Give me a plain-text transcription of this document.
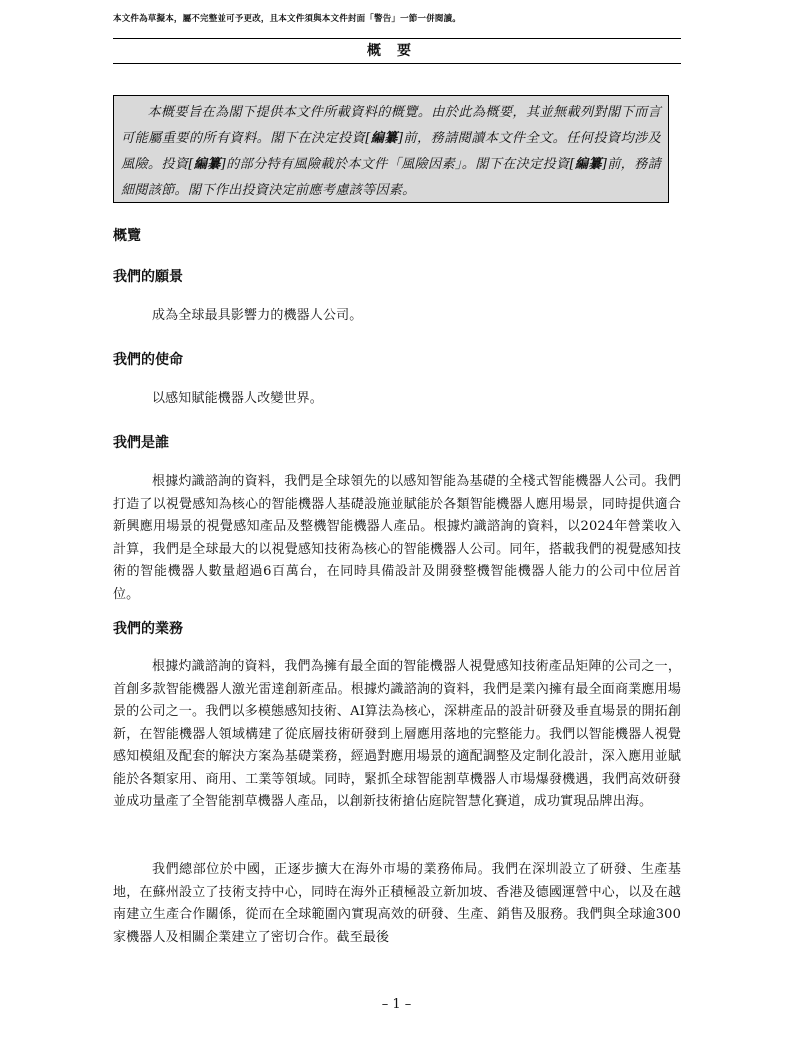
本文件為草擬本，屬不完整並可予更改，且本文件須與本文件封面「警告」一節一併閱讀。
概要
本概要旨在為閣下提供本文件所載資料的概覽。由於此為概要，其並無載列對閣下而言可能屬重要的所有資料。閣下在決定投資[編纂]前，務請閱讀本文件全文。任何投資均涉及風險。投資[編纂]的部分特有風險載於本文件「風險因素」。閣下在決定投資[編纂]前，務請細閱該節。閣下作出投資決定前應考慮該等因素。
概覽
我們的願景
成為全球最具影響力的機器人公司。
我們的使命
以感知賦能機器人改變世界。
我們是誰
根據灼識諮詢的資料，我們是全球領先的以感知智能為基礎的全棧式智能機器人公司。我們打造了以視覺感知為核心的智能機器人基礎設施並賦能於各類智能機器人應用場景，同時提供適合新興應用場景的視覺感知產品及整機智能機器人產品。根據灼識諮詢的資料，以2024年營業收入計算，我們是全球最大的以視覺感知技術為核心的智能機器人公司。同年，搭載我們的視覺感知技術的智能機器人數量超過6百萬台，在同時具備設計及開發整機智能機器人能力的公司中位居首位。
我們的業務
根據灼識諮詢的資料，我們為擁有最全面的智能機器人視覺感知技術產品矩陣的公司之一，首創多款智能機器人激光雷達創新產品。根據灼識諮詢的資料，我們是業內擁有最全面商業應用場景的公司之一。我們以多模態感知技術、AI算法為核心，深耕產品的設計研發及垂直場景的開拓創新，在智能機器人領域構建了從底層技術研發到上層應用落地的完整能力。我們以智能機器人視覺感知模組及配套的解決方案為基礎業務，經過對應用場景的適配調整及定制化設計，深入應用並賦能於各類家用、商用、工業等領域。同時，緊抓全球智能割草機器人市場爆發機遇，我們高效研發並成功量產了全智能割草機器人產品，以創新技術搶佔庭院智慧化賽道，成功實現品牌出海。
我們總部位於中國，正逐步擴大在海外市場的業務佈局。我們在深圳設立了研發、生產基地，在蘇州設立了技術支持中心，同時在海外正積極設立新加坡、香港及德國運營中心，以及在越南建立生產合作關係，從而在全球範圍內實現高效的研發、生產、銷售及服務。我們與全球逾300家機器人及相關企業建立了密切合作。截至最後
– 1 –
